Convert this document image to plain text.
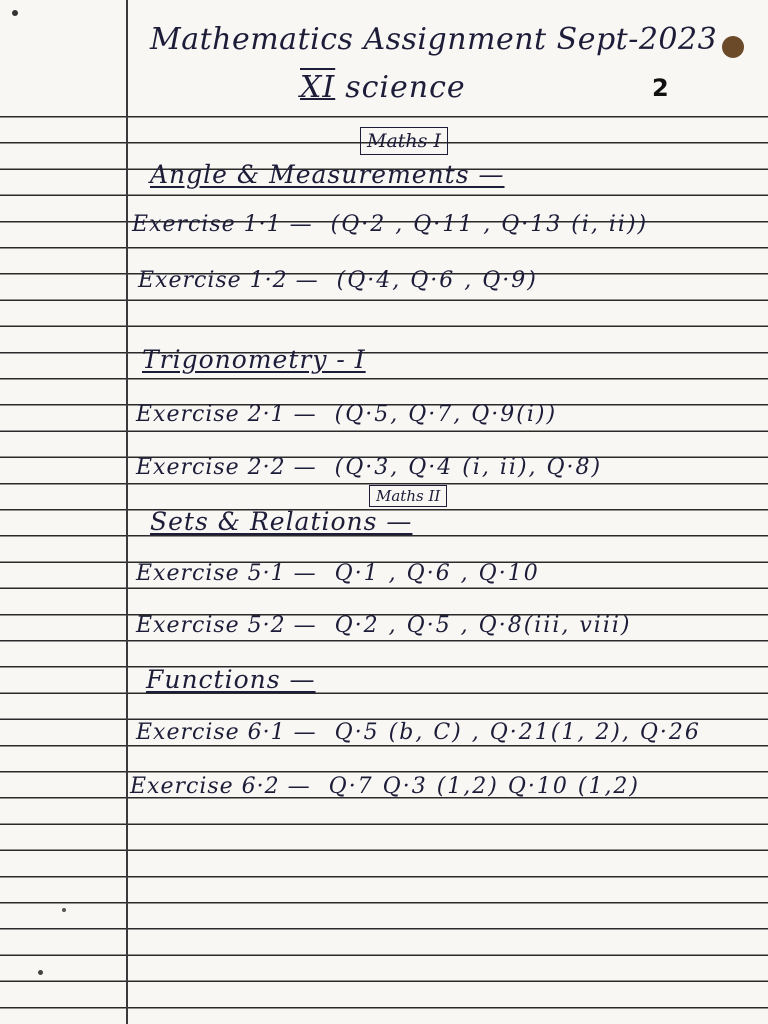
Mathematics Assignment Sept-2023
XI science	2
Maths I
Angle & Measurements —
Exercise 1·1 — (Q·2 , Q·11 , Q·13 (i, ii))
Exercise 1·2 — (Q·4, Q·6 , Q·9)
Trigonometry - I
Exercise 2·1 — (Q·5, Q·7, Q·9(i))
Exercise 2·2 — (Q·3, Q·4 (i, ii), Q·8)
Maths II
Sets & Relations —
Exercise 5·1 — Q·1 , Q·6 , Q·10
Exercise 5·2 — Q·2 , Q·5 , Q·8(iii, viii)
Functions —
Exercise 6·1 — Q·5 (b, C) , Q·21(1, 2), Q·26
Exercise 6·2 — Q·7 Q·3 (1,2) Q·10 (1,2)
